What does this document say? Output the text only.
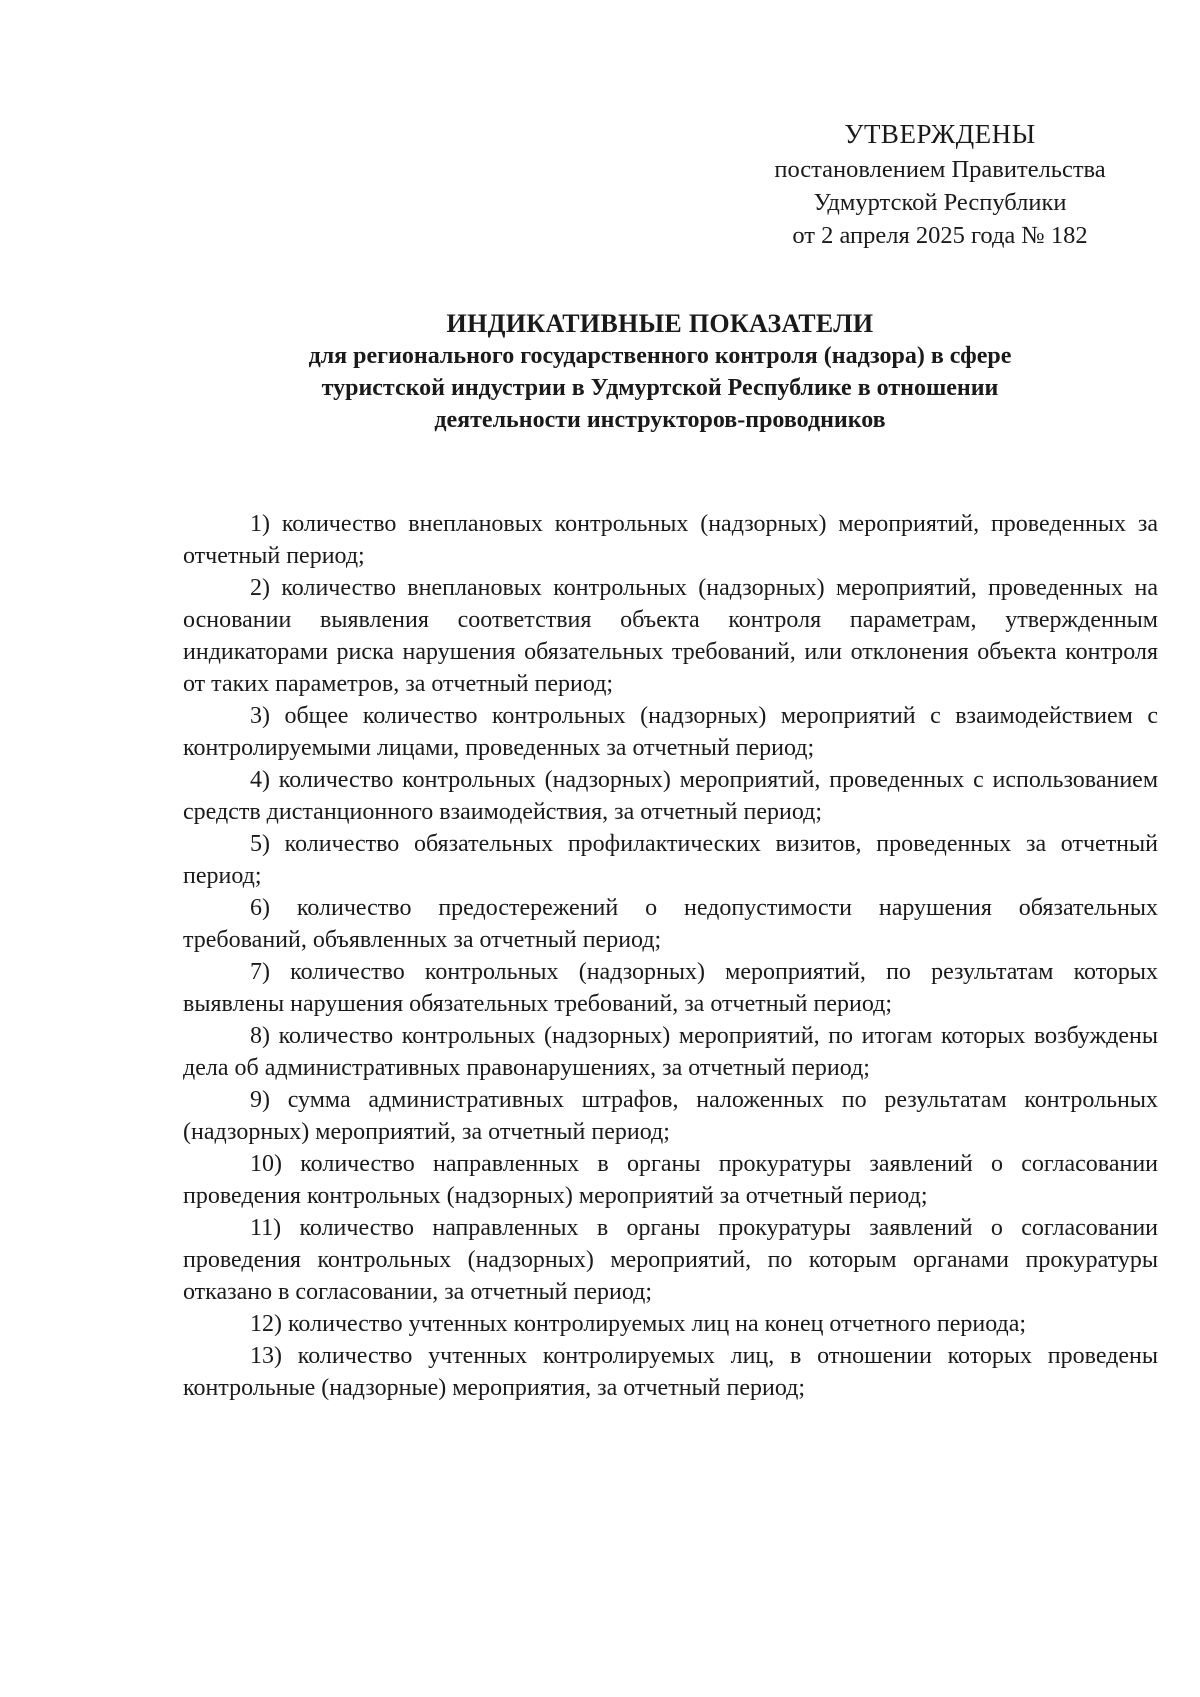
УТВЕРЖДЕНЫ
постановлением Правительства
Удмуртской Республики
от 2 апреля 2025 года № 182
ИНДИКАТИВНЫЕ ПОКАЗАТЕЛИ
для регионального государственного контроля (надзора) в сфере
туристской индустрии в Удмуртской Республике в отношении
деятельности инструкторов-проводников

1) количество внеплановых контрольных (надзорных) мероприятий, проведенных за отчетный период;

2) количество внеплановых контрольных (надзорных) мероприятий, проведенных на основании выявления соответствия объекта контроля параметрам, утвержденным индикаторами риска нарушения обязательных требований, или отклонения объекта контроля от таких параметров, за отчетный период;

3) общее количество контрольных (надзорных) мероприятий с взаимодействием с контролируемыми лицами, проведенных за отчетный период;

4) количество контрольных (надзорных) мероприятий, проведенных с использованием средств дистанционного взаимодействия, за отчетный период;

5) количество обязательных профилактических визитов, проведенных за отчетный период;

6) количество предостережений о недопустимости нарушения обязательных требований, объявленных за отчетный период;

7) количество контрольных (надзорных) мероприятий, по результатам которых выявлены нарушения обязательных требований, за отчетный период;

8) количество контрольных (надзорных) мероприятий, по итогам которых возбуждены дела об административных правонарушениях, за отчетный период;

9) сумма административных штрафов, наложенных по результатам контрольных (надзорных) мероприятий, за отчетный период;

10) количество направленных в органы прокуратуры заявлений о согласовании проведения контрольных (надзорных) мероприятий за отчетный период;

11) количество направленных в органы прокуратуры заявлений о согласовании проведения контрольных (надзорных) мероприятий, по которым органами прокуратуры отказано в согласовании, за отчетный период;

12) количество учтенных контролируемых лиц на конец отчетного периода;

13) количество учтенных контролируемых лиц, в отношении которых проведены контрольные (надзорные) мероприятия, за отчетный период;
